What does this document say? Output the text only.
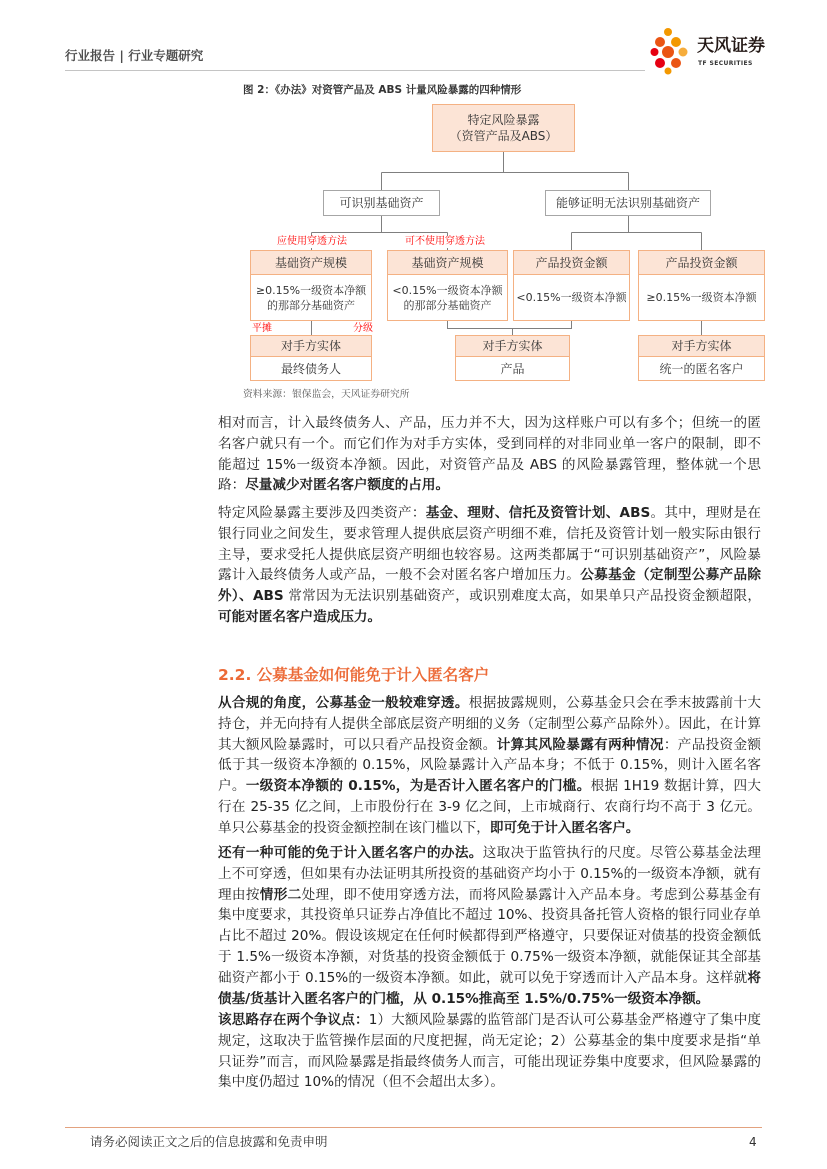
行业报告 | 行业专题研究	天风证券
TF SECURITIES
图 2：《办法》对资管产品及 ABS 计量风险暴露的四种情形
特定风险暴露
（资管产品及ABS）
可识别基础资产	能够证明无法识别基础资产
应使用穿透方法	可不使用穿透方法
基础资产规模
≥0.15%一级资本净额
的那部分基础资产
基础资产规模
<0.15%一级资本净额
的那部分基础资产
产品投资金额
<0.15%一级资本净额
产品投资金额
≥0.15%一级资本净额
平摊	分级
对手方实体
最终债务人
对手方实体
产品
对手方实体
统一的匿名客户
资料来源：银保监会，天风证券研究所

相对而言，计入最终债务人、产品，压力并不大，因为这样账户可以有多个；但统一的匿名客户就只有一个。而它们作为对手方实体，受到同样的对非同业单一客户的限制，即不能超过 15%一级资本净额。因此，对资管产品及 ABS 的风险暴露管理，整体就一个思路：尽量减少对匿名客户额度的占用。

特定风险暴露主要涉及四类资产：基金、理财、信托及资管计划、ABS。其中，理财是在银行同业之间发生，要求管理人提供底层资产明细不难，信托及资管计划一般实际由银行主导，要求受托人提供底层资产明细也较容易。这两类都属于“可识别基础资产”，风险暴露计入最终债务人或产品，一般不会对匿名客户增加压力。公募基金（定制型公募产品除外）、ABS 常常因为无法识别基础资产，或识别难度太高，如果单只产品投资金额超限，可能对匿名客户造成压力。

2.2. 公募基金如何能免于计入匿名客户

从合规的角度，公募基金一般较难穿透。根据披露规则，公募基金只会在季末披露前十大持仓，并无向持有人提供全部底层资产明细的义务（定制型公募产品除外）。因此，在计算其大额风险暴露时，可以只看产品投资金额。计算其风险暴露有两种情况：产品投资金额低于其一级资本净额的 0.15%，风险暴露计入产品本身；不低于 0.15%，则计入匿名客户。一级资本净额的 0.15%，为是否计入匿名客户的门槛。根据 1H19 数据计算，四大行在 25-35 亿之间，上市股份行在 3-9 亿之间，上市城商行、农商行均不高于 3 亿元。单只公募基金的投资金额控制在该门槛以下，即可免于计入匿名客户。

还有一种可能的免于计入匿名客户的办法。这取决于监管执行的尺度。尽管公募基金法理上不可穿透，但如果有办法证明其所投资的基础资产均小于 0.15%的一级资本净额，就有理由按情形二处理，即不使用穿透方法，而将风险暴露计入产品本身。考虑到公募基金有集中度要求，其投资单只证券占净值比不超过 10%、投资具备托管人资格的银行同业存单占比不超过 20%。假设该规定在任何时候都得到严格遵守，只要保证对债基的投资金额低于 1.5%一级资本净额，对货基的投资金额低于 0.75%一级资本净额，就能保证其全部基础资产都小于 0.15%的一级资本净额。如此，就可以免于穿透而计入产品本身。这样就将债基/货基计入匿名客户的门槛，从 0.15%推高至 1.5%/0.75%一级资本净额。

该思路存在两个争议点：1）大额风险暴露的监管部门是否认可公募基金严格遵守了集中度规定，这取决于监管操作层面的尺度把握，尚无定论；2）公募基金的集中度要求是指“单只证券”而言，而风险暴露是指最终债务人而言，可能出现证券集中度要求，但风险暴露的集中度仍超过 10%的情况（但不会超出太多）。

请务必阅读正文之后的信息披露和免责申明	4
